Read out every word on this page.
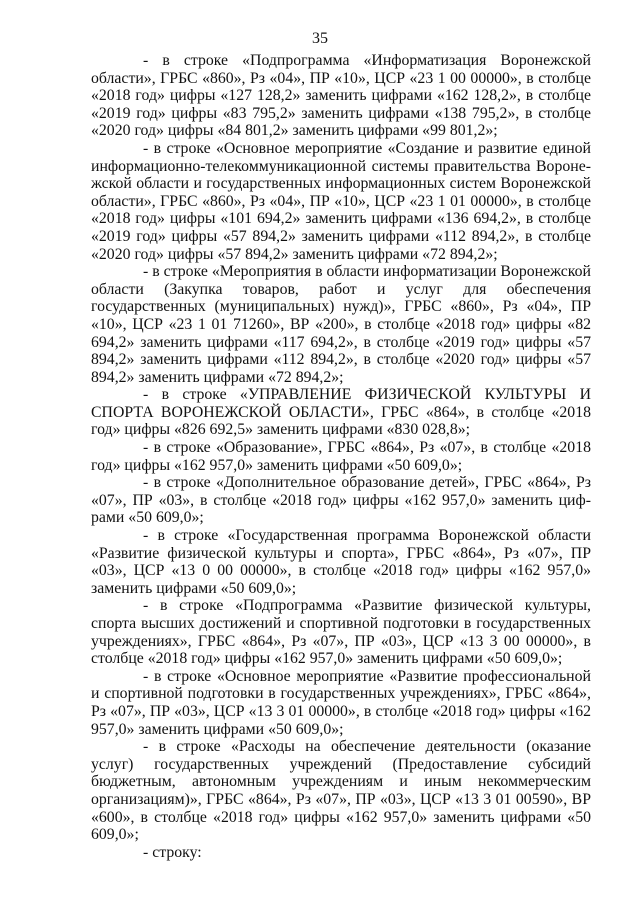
35

- в строке «Подпрограмма «Информатизация Воронежской области», ГРБС «860», Рз «04», ПР «10», ЦСР «23 1 00 00000», в столбце «2018 год» цифры «127 128,2» заменить цифрами «162 128,2», в столбце «2019 год» цифры «83 795,2» заменить цифрами «138 795,2», в столбце «2020 год» цифры «84 801,2» заменить цифрами «99 801,2»;

- в строке «Основное мероприятие «Создание и развитие единой информационно-телекоммуникационной системы правительства Воронежской области и государственных информационных систем Воронежской области», ГРБС «860», Рз «04», ПР «10», ЦСР «23 1 01 00000», в столбце «2018 год» цифры «101 694,2» заменить цифрами «136 694,2», в столбце «2019 год» цифры «57 894,2» заменить цифрами «112 894,2», в столбце «2020 год» цифры «57 894,2» заменить цифрами «72 894,2»;

- в строке «Мероприятия в области информатизации Воронежской области (Закупка товаров, работ и услуг для обеспечения государственных (муниципальных) нужд)», ГРБС «860», Рз «04», ПР «10», ЦСР «23 1 01 71260», ВР «200», в столбце «2018 год» цифры «82 694,2» заменить цифрами «117 694,2», в столбце «2019 год» цифры «57 894,2» заменить цифрами «112 894,2», в столбце «2020 год» цифры «57 894,2» заменить цифрами «72 894,2»;

- в строке «УПРАВЛЕНИЕ ФИЗИЧЕСКОЙ КУЛЬТУРЫ И СПОРТА ВОРОНЕЖСКОЙ ОБЛАСТИ», ГРБС «864», в столбце «2018 год» цифры «826 692,5» заменить цифрами «830 028,8»;

- в строке «Образование», ГРБС «864», Рз «07», в столбце «2018 год» цифры «162 957,0» заменить цифрами «50 609,0»;

- в строке «Дополнительное образование детей», ГРБС «864», Рз «07», ПР «03», в столбце «2018 год» цифры «162 957,0» заменить цифрами «50 609,0»;

- в строке «Государственная программа Воронежской области «Развитие физической культуры и спорта», ГРБС «864», Рз «07», ПР «03», ЦСР «13 0 00 00000», в столбце «2018 год» цифры «162 957,0» заменить цифрами «50 609,0»;

- в строке «Подпрограмма «Развитие физической культуры, спорта высших достижений и спортивной подготовки в государственных учреждениях», ГРБС «864», Рз «07», ПР «03», ЦСР «13 3 00 00000», в столбце «2018 год» цифры «162 957,0» заменить цифрами «50 609,0»;

- в строке «Основное мероприятие «Развитие профессиональной и спортивной подготовки в государственных учреждениях», ГРБС «864», Рз «07», ПР «03», ЦСР «13 3 01 00000», в столбце «2018 год» цифры «162 957,0» заменить цифрами «50 609,0»;

- в строке «Расходы на обеспечение деятельности (оказание услуг) государственных учреждений (Предоставление субсидий бюджетным, автономным учреждениям и иным некоммерческим организациям)», ГРБС «864», Рз «07», ПР «03», ЦСР «13 3 01 00590», ВР «600», в столбце «2018 год» цифры «162 957,0» заменить цифрами «50 609,0»;

- строку:
